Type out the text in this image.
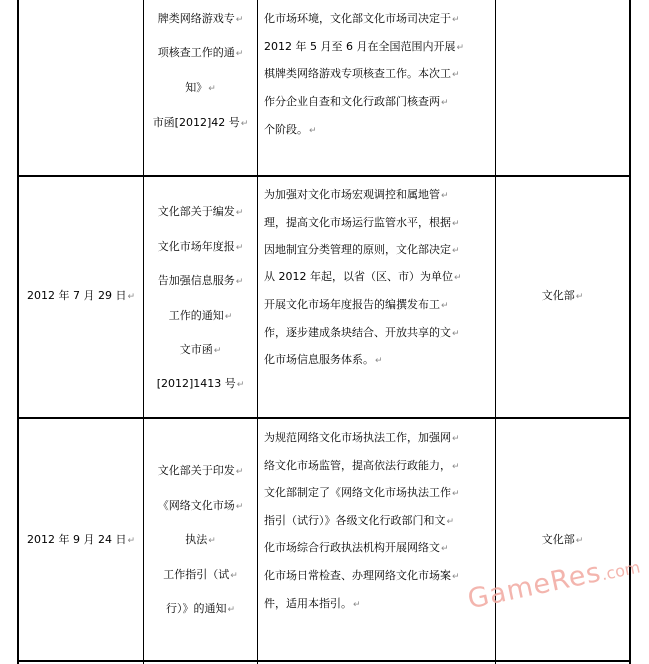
牌类网络游戏专↵
项核查工作的通↵
知》↵
市函[2012]42 号↵
化市场环境，文化部文化市场司决定于↵
2012 年 5 月至 6 月在全国范围内开展↵
棋牌类网络游戏专项核查工作。本次工↵
作分企业自查和文化行政部门核查两↵
个阶段。↵
2012 年 7 月 29 日↵
文化部关于编发↵
文化市场年度报↵
告加强信息服务↵
工作的通知↵
文市函↵
[2012]1413 号↵
为加强对文化市场宏观调控和属地管↵
理，提高文化市场运行监管水平，根据↵
因地制宜分类管理的原则，文化部决定↵
从 2012 年起，以省（区、市）为单位↵
开展文化市场年度报告的编撰发布工↵
作，逐步建成条块结合、开放共享的文↵
化市场信息服务体系。↵
文化部↵
2012 年 9 月 24 日↵
文化部关于印发↵
《网络文化市场↵
执法↵
工作指引（试↵
行）》的通知↵
为规范网络文化市场执法工作，加强网↵
络文化市场监管，提高依法行政能力，↵
文化部制定了《网络文化市场执法工作↵
指引（试行）》各级文化行政部门和文↵
化市场综合行政执法机构开展网络文↵
化市场日常检查、办理网络文化市场案↵
件，适用本指引。↵
文化部↵
GameRes.com
